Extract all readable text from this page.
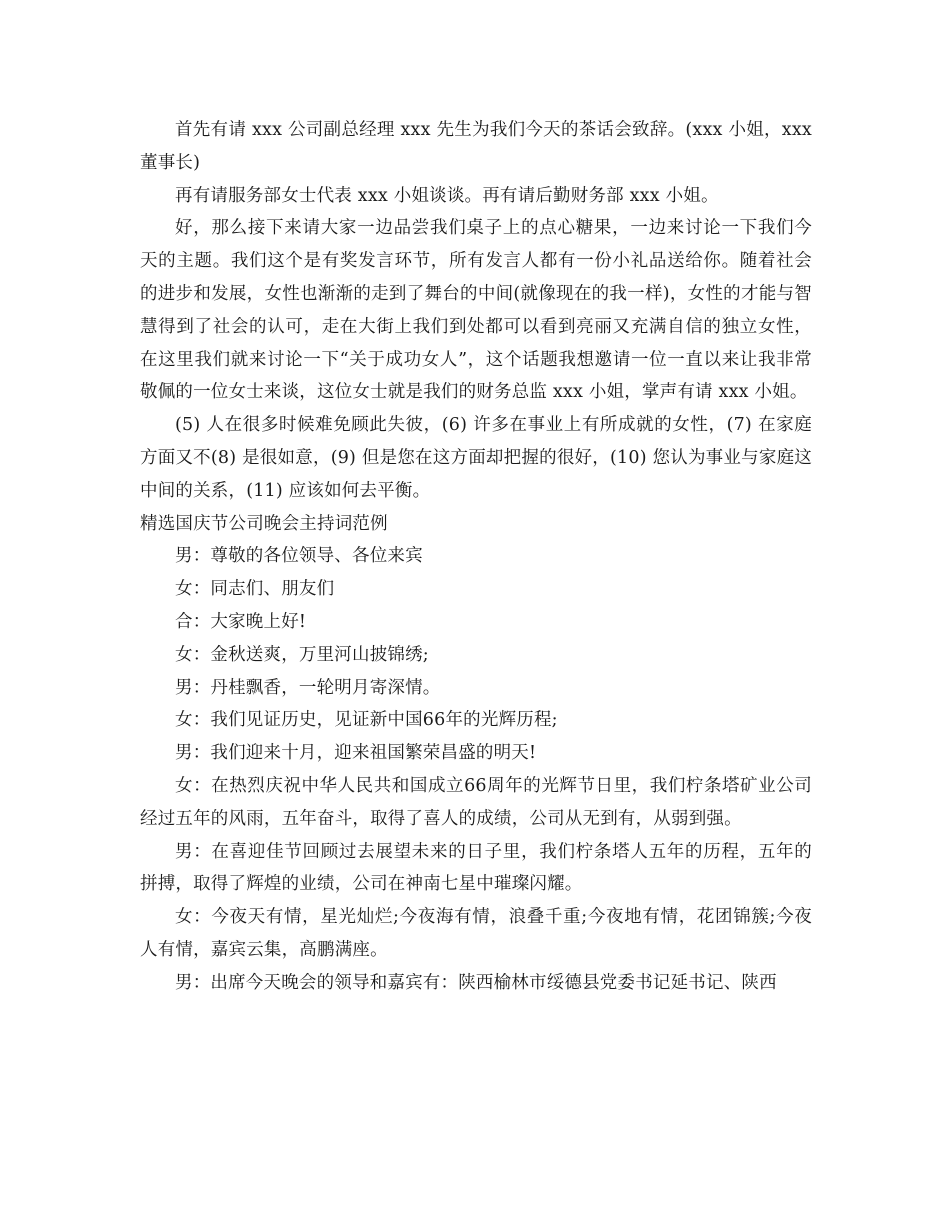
首先有请 xxx 公司副总经理 xxx 先生为我们今天的茶话会致辞。(xxx 小姐，xxx 董事长)

再有请服务部女士代表 xxx 小姐谈谈。再有请后勤财务部 xxx 小姐。

好，那么接下来请大家一边品尝我们桌子上的点心糖果，一边来讨论一下我们今天的主题。我们这个是有奖发言环节，所有发言人都有一份小礼品送给你。随着社会的进步和发展，女性也渐渐的走到了舞台的中间(就像现在的我一样)，女性的才能与智慧得到了社会的认可，走在大街上我们到处都可以看到亮丽又充满自信的独立女性，在这里我们就来讨论一下“关于成功女人”，这个话题我想邀请一位一直以来让我非常敬佩的一位女士来谈，这位女士就是我们的财务总监 xxx 小姐，掌声有请 xxx 小姐。

(5) 人在很多时候难免顾此失彼，(6) 许多在事业上有所成就的女性，(7) 在家庭方面又不(8) 是很如意，(9) 但是您在这方面却把握的很好，(10) 您认为事业与家庭这中间的关系，(11) 应该如何去平衡。

精选国庆节公司晚会主持词范例

男：尊敬的各位领导、各位来宾

女：同志们、朋友们

合：大家晚上好!

女：金秋送爽，万里河山披锦绣;

男：丹桂飘香，一轮明月寄深情。

女：我们见证历史，见证新中国66年的光辉历程;

男：我们迎来十月，迎来祖国繁荣昌盛的明天!

女：在热烈庆祝中华人民共和国成立66周年的光辉节日里，我们柠条塔矿业公司经过五年的风雨，五年奋斗，取得了喜人的成绩，公司从无到有，从弱到强。

男：在喜迎佳节回顾过去展望未来的日子里，我们柠条塔人五年的历程，五年的拼搏，取得了辉煌的业绩，公司在神南七星中璀璨闪耀。

女：今夜天有情，星光灿烂;今夜海有情，浪叠千重;今夜地有情，花团锦簇;今夜人有情，嘉宾云集，高鹏满座。

男：出席今天晚会的领导和嘉宾有：陕西榆林市绥德县党委书记延书记、陕西
